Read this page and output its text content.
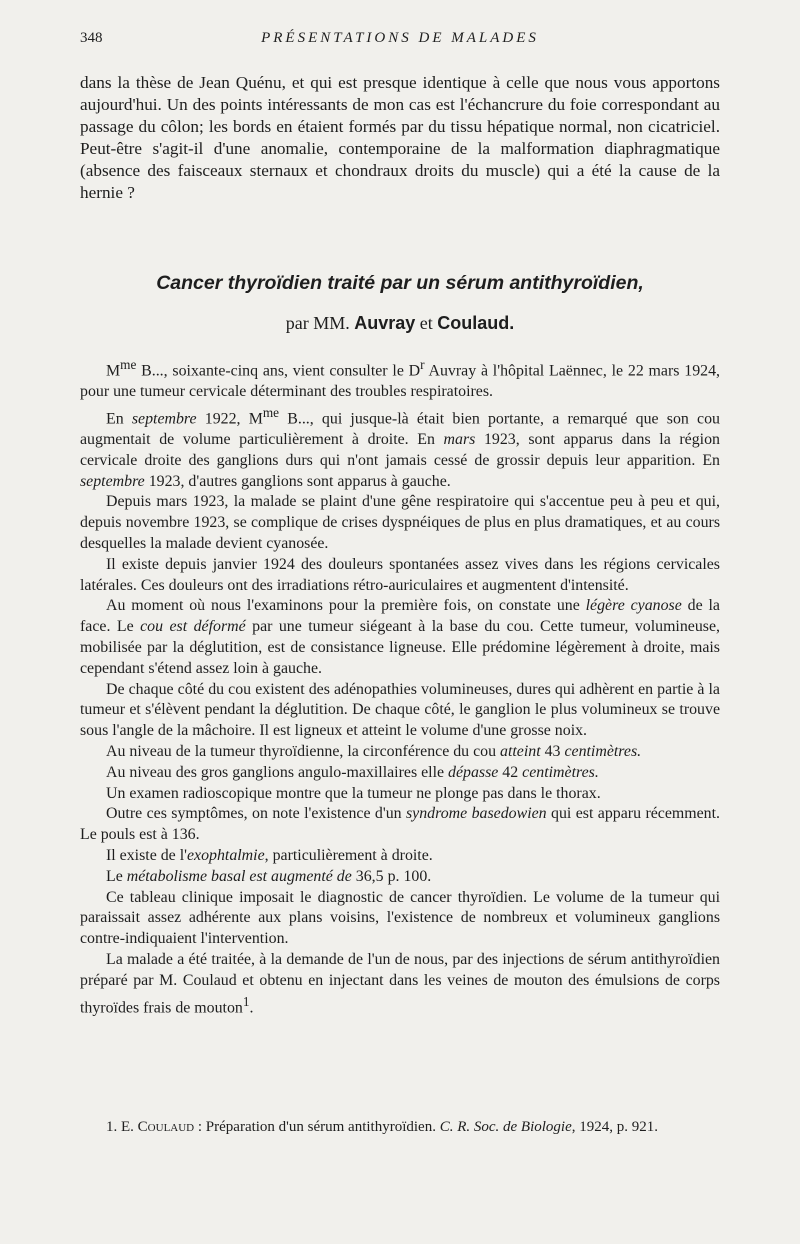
348	PRÉSENTATIONS DE MALADES

dans la thèse de Jean Quénu, et qui est presque identique à celle que nous vous apportons aujourd'hui. Un des points intéressants de mon cas est l'échancrure du foie correspondant au passage du côlon; les bords en étaient formés par du tissu hépatique normal, non cicatriciel. Peut-être s'agit-il d'une anomalie, contemporaine de la malformation diaphragmatique (absence des faisceaux sternaux et chondraux droits du muscle) qui a été la cause de la hernie ?

Cancer thyroïdien traité par un sérum antithyroïdien,
par MM. Auvray et Coulaud.

$M^{me}$ B..., soixante-cinq ans, vient consulter le $D^r$ Auvray à l'hôpital Laënnec, le 22 mars 1924, pour une tumeur cervicale déterminant des troubles respiratoires.

En septembre 1922, $M^{me}$ B..., qui jusque-là était bien portante, a remarqué que son cou augmentait de volume particulièrement à droite. En mars 1923, sont apparus dans la région cervicale droite des ganglions durs qui n'ont jamais cessé de grossir depuis leur apparition. En septembre 1923, d'autres ganglions sont apparus à gauche.

Depuis mars 1923, la malade se plaint d'une gêne respiratoire qui s'accentue peu à peu et qui, depuis novembre 1923, se complique de crises dyspnéiques de plus en plus dramatiques, et au cours desquelles la malade devient cyanosée.

Il existe depuis janvier 1924 des douleurs spontanées assez vives dans les régions cervicales latérales. Ces douleurs ont des irradiations rétro-auriculaires et augmentent d'intensité.

Au moment où nous l'examinons pour la première fois, on constate une légère cyanose de la face. Le cou est déformé par une tumeur siégeant à la base du cou. Cette tumeur, volumineuse, mobilisée par la déglutition, est de consistance ligneuse. Elle prédomine légèrement à droite, mais cependant s'étend assez loin à gauche.

De chaque côté du cou existent des adénopathies volumineuses, dures qui adhèrent en partie à la tumeur et s'élèvent pendant la déglutition. De chaque côté, le ganglion le plus volumineux se trouve sous l'angle de la mâchoire. Il est ligneux et atteint le volume d'une grosse noix.

Au niveau de la tumeur thyroïdienne, la circonférence du cou atteint 43 centimètres.

Au niveau des gros ganglions angulo-maxillaires elle dépasse 42 centimètres.

Un examen radioscopique montre que la tumeur ne plonge pas dans le thorax.

Outre ces symptômes, on note l'existence d'un syndrome basedowien qui est apparu récemment. Le pouls est à 136.

Il existe de l'exophtalmie, particulièrement à droite.

Le métabolisme basal est augmenté de 36,5 p. 100.

Ce tableau clinique imposait le diagnostic de cancer thyroïdien. Le volume de la tumeur qui paraissait assez adhérente aux plans voisins, l'existence de nombreux et volumineux ganglions contre-indiquaient l'intervention.

La malade a été traitée, à la demande de l'un de nous, par des injections de sérum antithyroïdien préparé par M. Coulaud et obtenu en injectant dans les veines de mouton des émulsions de corps thyroïdes frais de mouton$^1$.

1. E. Coulaud : Préparation d'un sérum antithyroïdien. C. R. Soc. de Biologie, 1924, p. 921.
